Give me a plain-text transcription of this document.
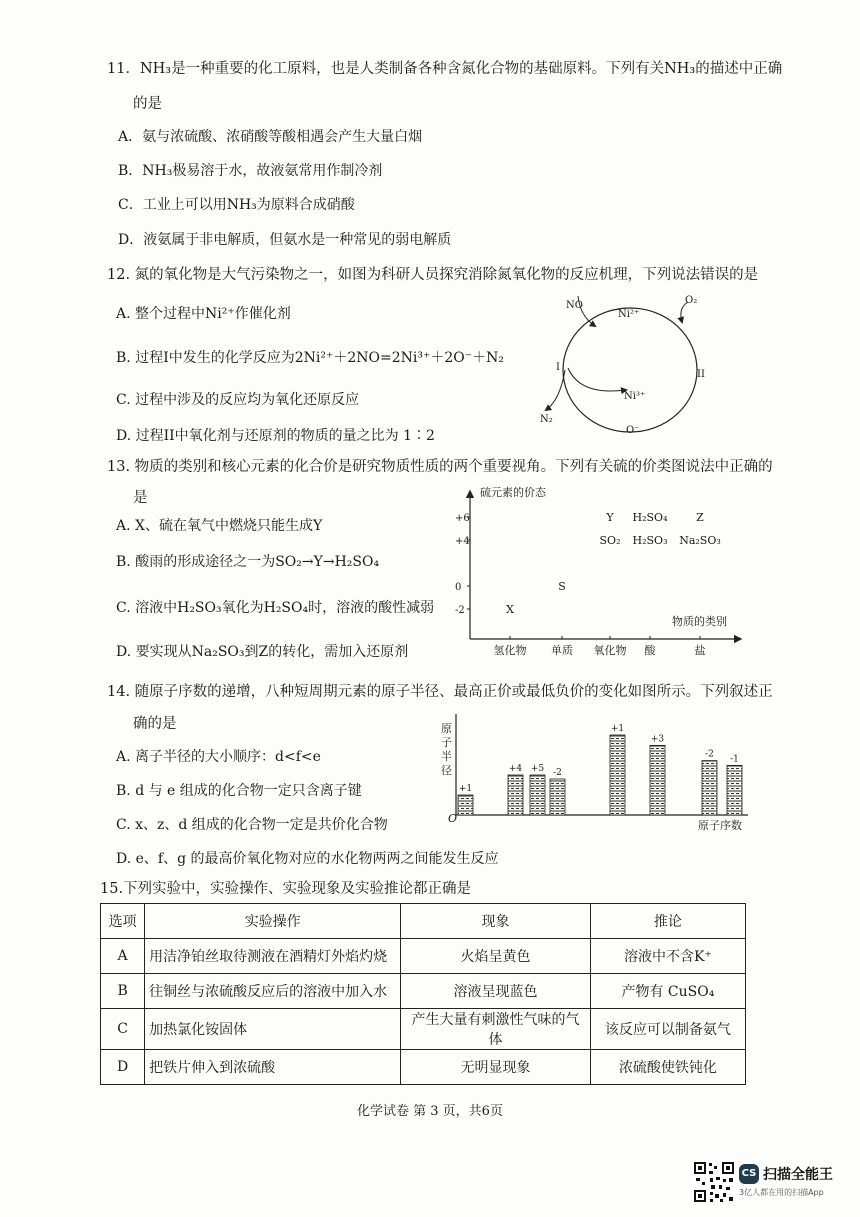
11．NH₃是一种重要的化工原料，也是人类制备各种含氮化合物的基础原料。下列有关NH₃的描述中正确
的是
A．氨与浓硫酸、浓硝酸等酸相遇会产生大量白烟
B．NH₃极易溶于水，故液氨常用作制冷剂
C．工业上可以用NH₃为原料合成硝酸
D．液氨属于非电解质，但氨水是一种常见的弱电解质
12. 氮的氧化物是大气污染物之一，如图为科研人员探究消除氮氧化物的反应机理，下列说法错误的是
A. 整个过程中Ni²⁺作催化剂
B. 过程I中发生的化学反应为2Ni²⁺＋2NO=2Ni³⁺＋2O⁻＋N₂
C. 过程中涉及的反应均为氧化还原反应
D. 过程II中氧化剂与还原剂的物质的量之比为 1∶2
NO
Ni²⁺
O₂
I
II
Ni³⁺
N₂
O⁻
13. 物质的类别和核心元素的化合价是研究物质性质的两个重要视角。下列有关硫的价类图说法中正确的
是
A. X、硫在氧气中燃烧只能生成Y
B. 酸雨的形成途径之一为SO₂→Y→H₂SO₄
C. 溶液中H₂SO₃氧化为H₂SO₄时，溶液的酸性减弱
D. 要实现从Na₂SO₃到Z的转化，需加入还原剂
硫元素的价态
物质的类别
+6
+4
0
-2
氢化物 单质 氧化物 酸	盐
X
S
Y H₂SO₄	Z
SO₂ H₂SO₃ Na₂SO₃
14. 随原子序数的递增，八种短周期元素的原子半径、最高正价或最低负价的变化如图所示。下列叙述正
确的是
A. 离子半径的大小顺序：d<f<e
B. d 与 e 组成的化合物一定只含离子键
C. x、z、d 组成的化合物一定是共价化合物
D. e、f、g 的最高价氧化物对应的水化物两两之间能发生反应
原
子
半
径
O
原子序数
+1
+4 +5 -2
+1
+3
-2 -1
15.下列实验中，实验操作、实验现象及实验推论都正确是
选项	实验操作	现象	推论
A	用洁净铂丝取待测液在酒精灯外焰灼烧	火焰呈黄色	溶液中不含K⁺
B	往铜丝与浓硫酸反应后的溶液中加入水	溶液呈现蓝色	产物有 CuSO₄
C	加热氯化铵固体	产生大量有刺激性气味的气体	该反应可以制备氨气
D	把铁片伸入到浓硫酸	无明显现象	浓硫酸使铁钝化
化学试卷 第 3 页，共6页
CS 扫描全能王
3亿人都在用的扫描App
